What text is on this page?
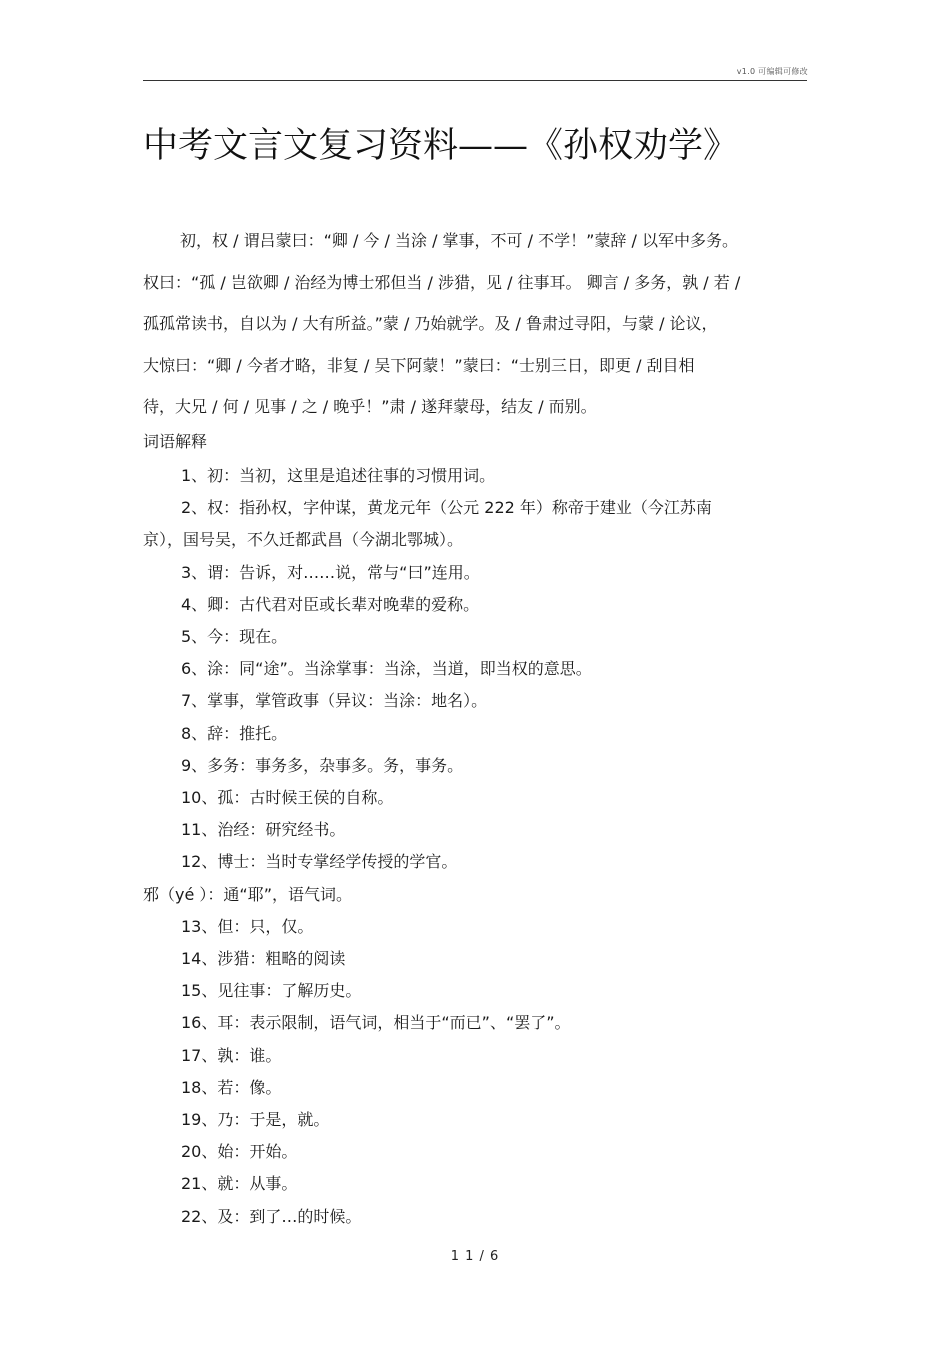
v1.0 可编辑可修改
中考文言文复习资料——《孙权劝学》
初，权 / 谓吕蒙曰：“卿 / 今 / 当涂 / 掌事，不可 / 不学！”蒙辞 / 以军中多务。
权曰：“孤 / 岂欲卿 / 治经为博士邪但当 / 涉猎，见 / 往事耳。 卿言 / 多务，孰 / 若 /
孤孤常读书，自以为 / 大有所益。”蒙 / 乃始就学。及 / 鲁肃过寻阳，与蒙 / 论议，
大惊曰：“卿 / 今者才略，非复 / 吴下阿蒙！”蒙曰：“士别三日，即更 / 刮目相
待，大兄 / 何 / 见事 / 之 / 晚乎！”肃 / 遂拜蒙母，结友 / 而别。
词语解释
1、初：当初，这里是追述往事的习惯用词。
2、权：指孙权，字仲谋，黄龙元年（公元 222 年）称帝于建业（今江苏南
京），国号吴，不久迁都武昌（今湖北鄂城）。
3、谓：告诉，对……说，常与“曰”连用。
4、卿：古代君对臣或长辈对晚辈的爱称。
5、今：现在。
6、涂：同“途”。当涂掌事：当涂，当道，即当权的意思。
7、掌事，掌管政事（异议：当涂：地名）。
8、辞：推托。
9、多务：事务多，杂事多。务，事务。
10、孤：古时候王侯的自称。
11、治经：研究经书。
12、博士：当时专掌经学传授的学官。
邪（yé ）：通“耶”，语气词。
13、但：只，仅。
14、涉猎：粗略的阅读
15、见往事：了解历史。
16、耳：表示限制，语气词，相当于“而已”、“罢了”。
17、孰：谁。
18、若：像。
19、乃：于是，就。
20、始：开始。
21、就：从事。
22、及：到了…的时候。
1 1 / 6
